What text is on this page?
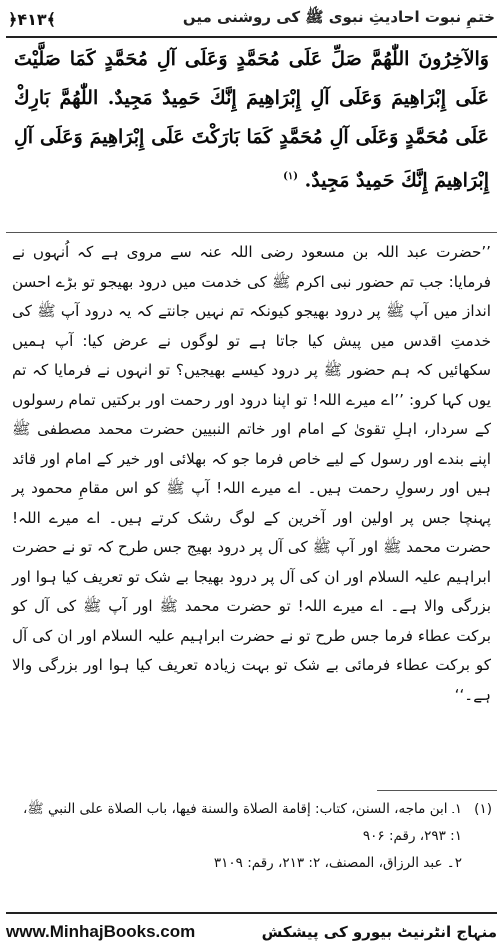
ختمِ نبوت احادیثِ نبوی ﷺ کی روشنی میں
﴿۴۱۳﴾
وَالآخِرُونَ اللّٰهُمَّ صَلِّ عَلَى مُحَمَّدٍ وَعَلَى آلِ مُحَمَّدٍ كَمَا صَلَّيْتَ عَلَى إِبْرَاهِيمَ وَعَلَى آلِ إِبْرَاهِيمَ إِنَّكَ حَمِيدٌ مَجِيدٌ. اللّٰهُمَّ بَارِكْ عَلَى مُحَمَّدٍ وَعَلَى آلِ مُحَمَّدٍ كَمَا بَارَكْتَ عَلَى إِبْرَاهِيمَ وَعَلَى آلِ إِبْرَاهِيمَ إِنَّكَ حَمِيدٌ مَجِيدٌ. $^{(۱)}$
’’حضرت عبد اللہ بن مسعود رضی اللہ عنہ سے مروی ہے کہ اُنہوں نے فرمایا: جب تم حضور نبی اکرم ﷺ کی خدمت میں درود بھیجو تو بڑے احسن انداز میں آپ ﷺ پر درود بھیجو کیونکہ تم نہیں جانتے کہ یہ درود آپ ﷺ کی خدمتِ اقدس میں پیش کیا جاتا ہے تو لوگوں نے عرض کیا: آپ ہمیں سکھائیں کہ ہم حضور ﷺ پر درود کیسے بھیجیں؟ تو انہوں نے فرمایا کہ تم یوں کہا کرو: ’’اے میرے اللہ! تو اپنا درود اور رحمت اور برکتیں تمام رسولوں کے سردار، اہلِ تقویٰ کے امام اور خاتم النبیین حضرت محمد مصطفی ﷺ اپنے بندے اور رسول کے لیے خاص فرما جو کہ بھلائی اور خیر کے امام اور قائد ہیں اور رسولِ رحمت ہیں۔ اے میرے اللہ! آپ ﷺ کو اس مقامِ محمود پر پہنچا جس پر اولین اور آخرین کے لوگ رشک کرتے ہیں۔ اے میرے اللہ! حضرت محمد ﷺ اور آپ ﷺ کی آل پر درود بھیج جس طرح کہ تو نے حضرت ابراہیم علیہ السلام اور ان کی آل پر درود بھیجا بے شک تو تعریف کیا ہوا اور بزرگی والا ہے۔ اے میرے اللہ! تو حضرت محمد ﷺ اور آپ ﷺ کی آل کو برکت عطاء فرما جس طرح تو نے حضرت ابراہیم علیہ السلام اور ان کی آل کو برکت عطاء فرمائی بے شک تو بہت زیادہ تعریف کیا ہوا اور بزرگی والا ہے۔‘‘
(۱)
۱۔ ابن ماجه، السنن، كتاب: إقامة الصلاة والسنة فيها، باب الصلاة على النبي ﷺ، ۱: ۲۹۳، رقم: ۹۰۶
۲۔ عبد الرزاق، المصنف، ۲: ۲۱۳، رقم: ۳۱۰۹
www.MinhajBooks.com	منہاج انٹرنیٹ بیورو کی پیشکش
